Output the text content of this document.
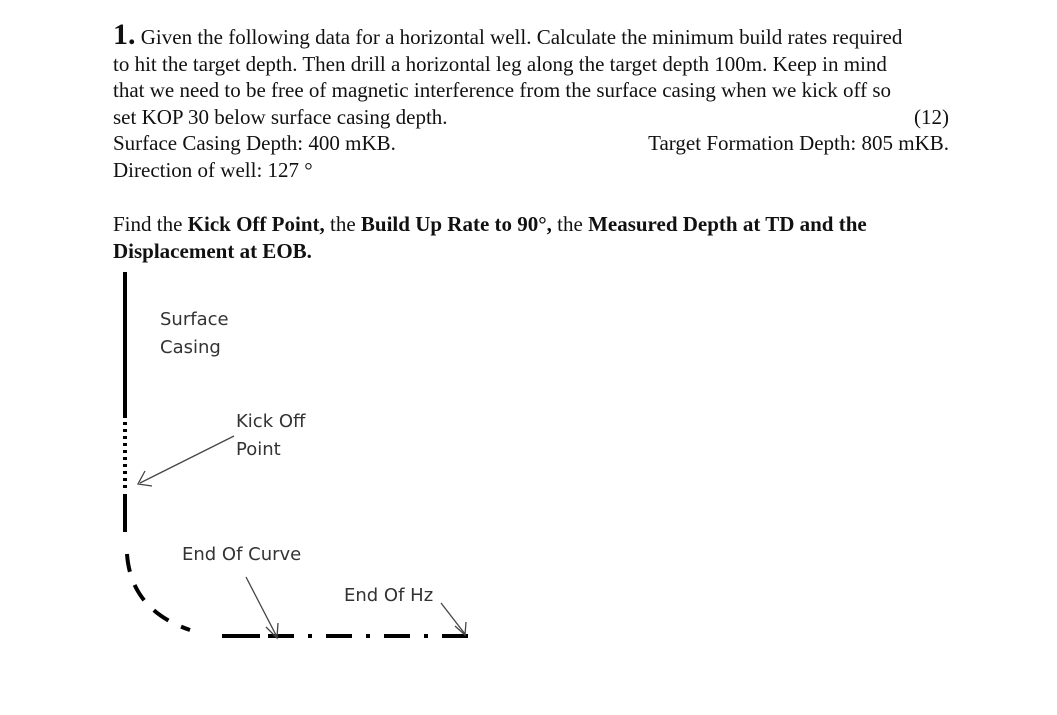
1. Given the following data for a horizontal well. Calculate the minimum build rates required
to hit the target depth. Then drill a horizontal leg along the target depth 100m. Keep in mind
that we need to be free of magnetic interference from the surface casing when we kick off so
set KOP 30 below surface casing depth.	(12)
Surface Casing Depth: 400 mKB.	Target Formation Depth: 805 mKB.
Direction of well: 127 °
Find the Kick Off Point, the Build Up Rate to 90°, the Measured Depth at TD and the
Displacement at EOB.
Surface
Casing
Kick Off
Point
End Of Curve
End Of Hz
